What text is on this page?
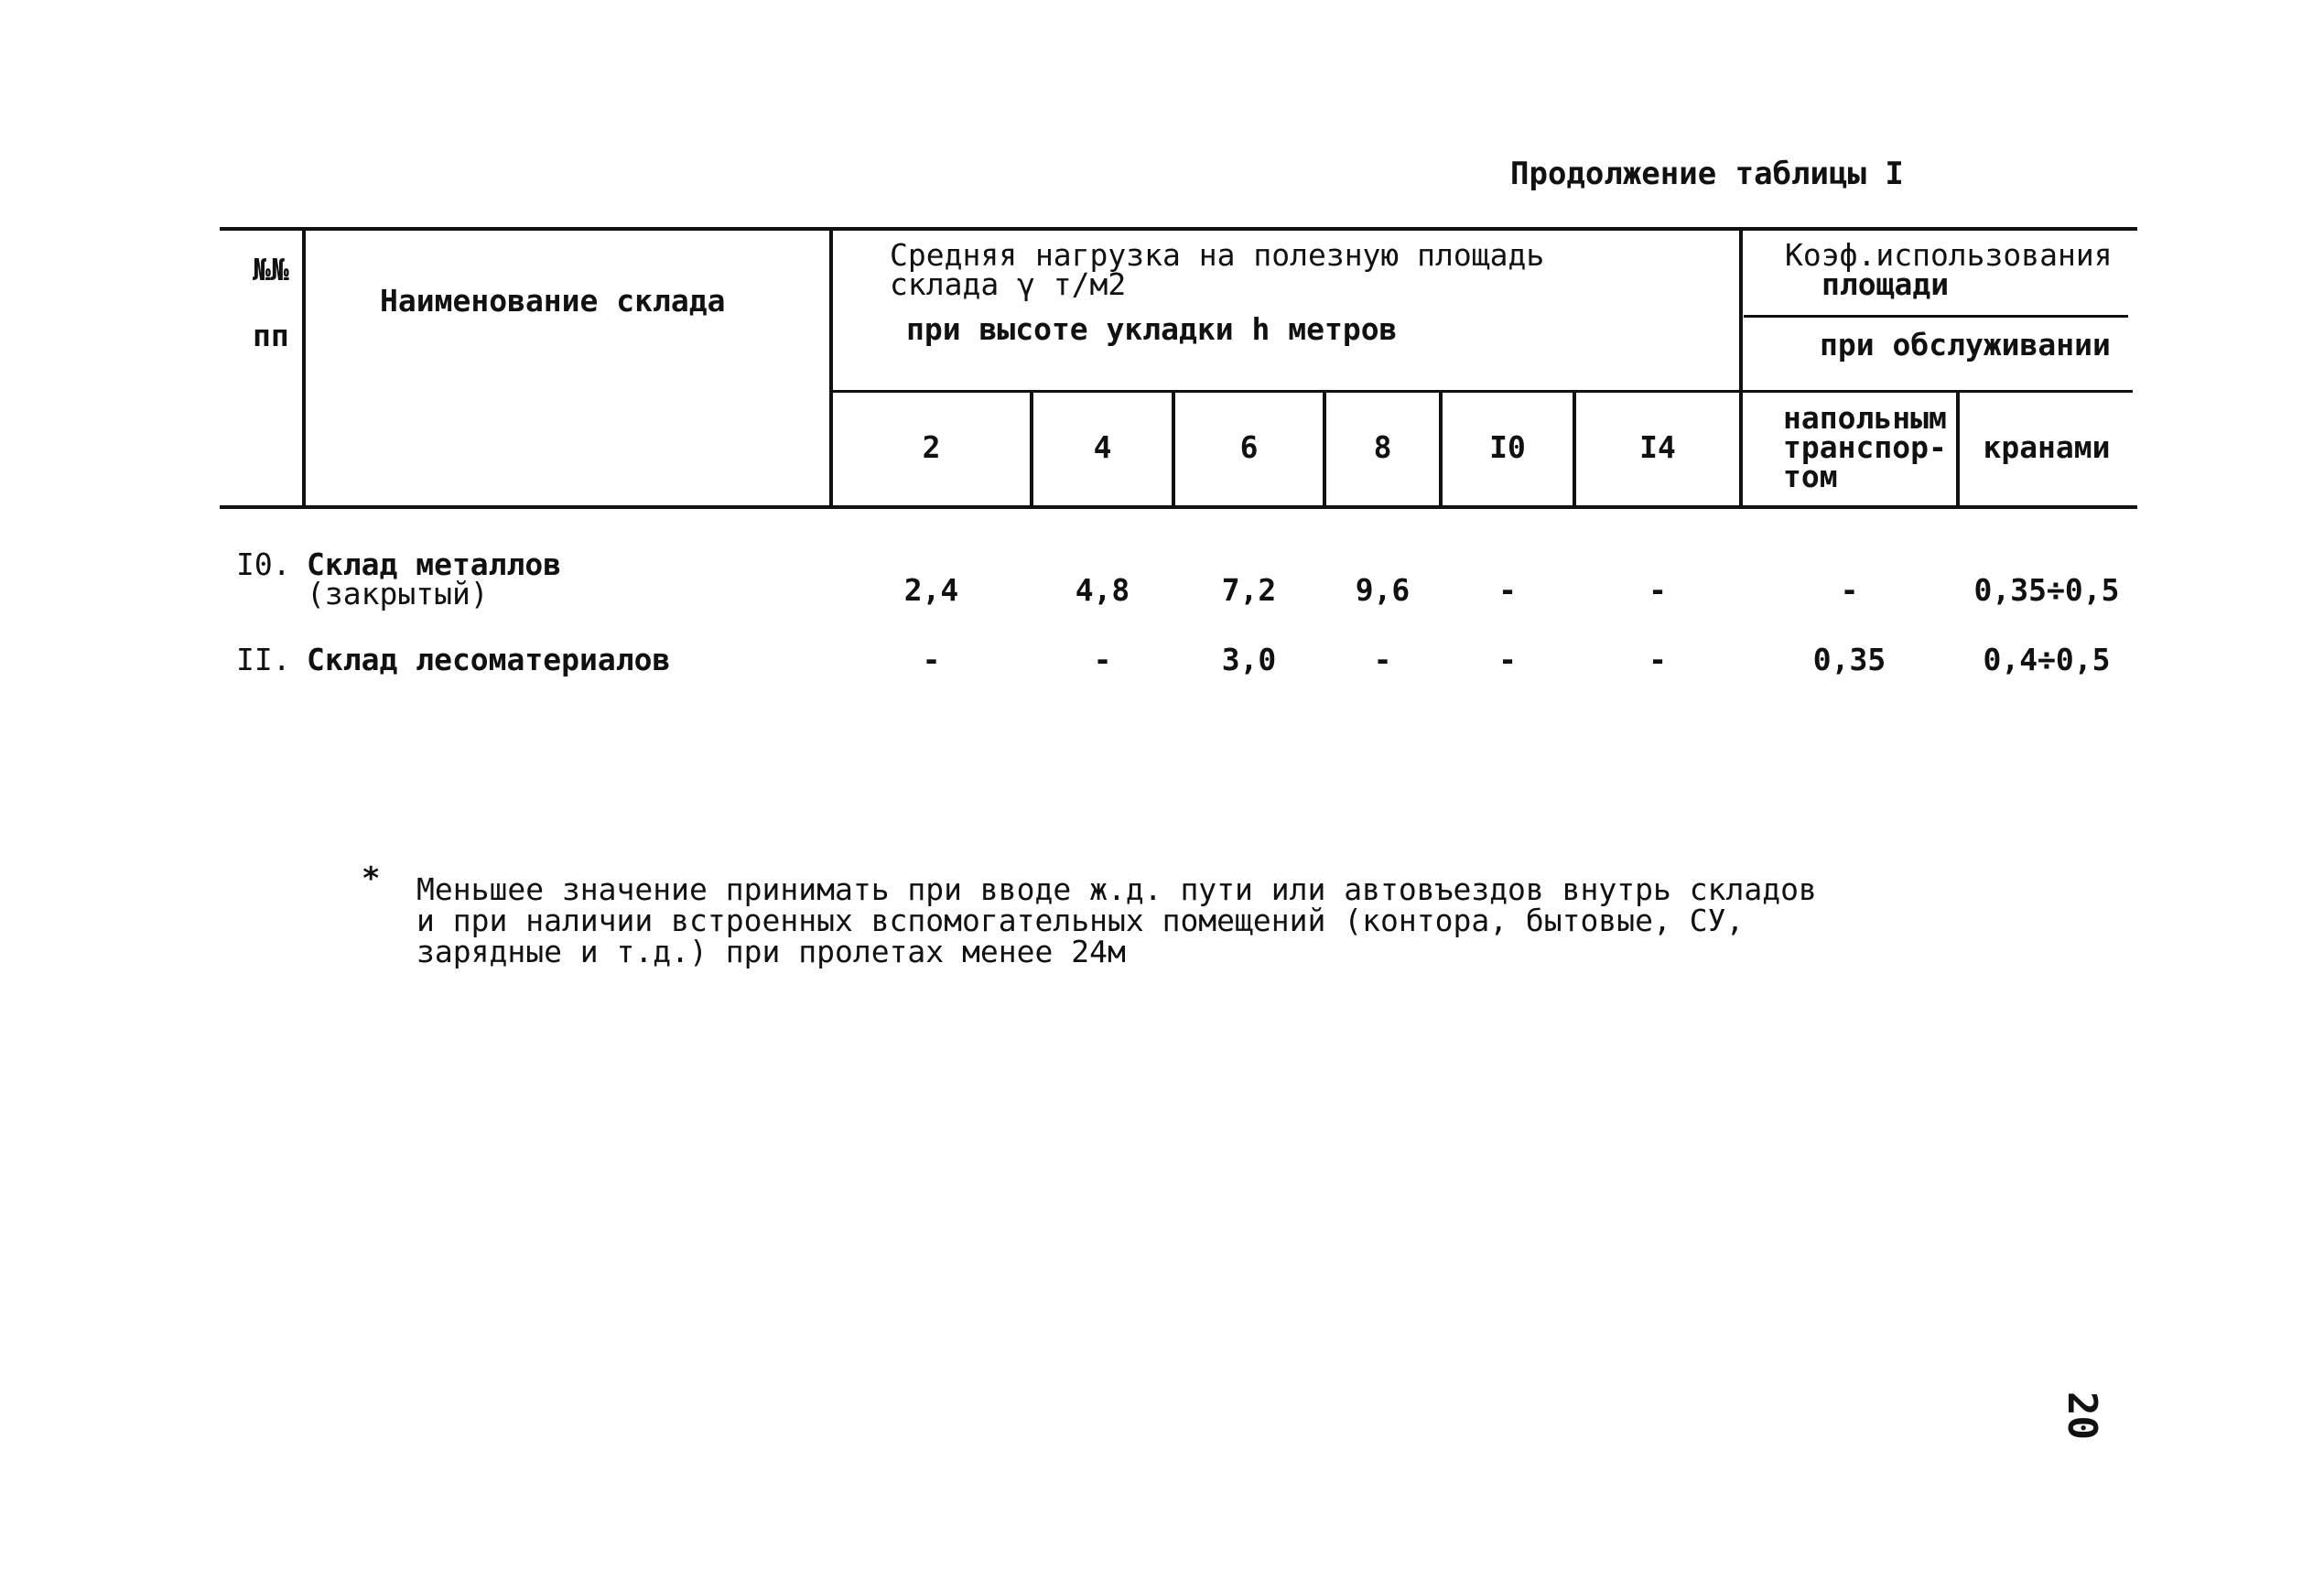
Продолжение таблицы I
№№
пп
Наименование склада
Средняя нагрузка на полезную площадь
склада γ т/м2
при высоте укладки h метров
Коэф.использования
площади
при обслуживании
2	4	6	8	I0	I4
напольным
транспор-
том
кранами
I0. Склад металлов
(закрытый)	2,4	4,8	7,2	9,6	-	-	-	0,35÷0,5
II. Склад лесоматериалов	-	-	3,0	-	-	-	0,35	0,4÷0,5
* Меньшее значение принимать при вводе ж.д. пути или автовъездов внутрь складов
и при наличии встроенных вспомогательных помещений (контора, бытовые, СУ,
зарядные и т.д.) при пролетах менее 24м
20
